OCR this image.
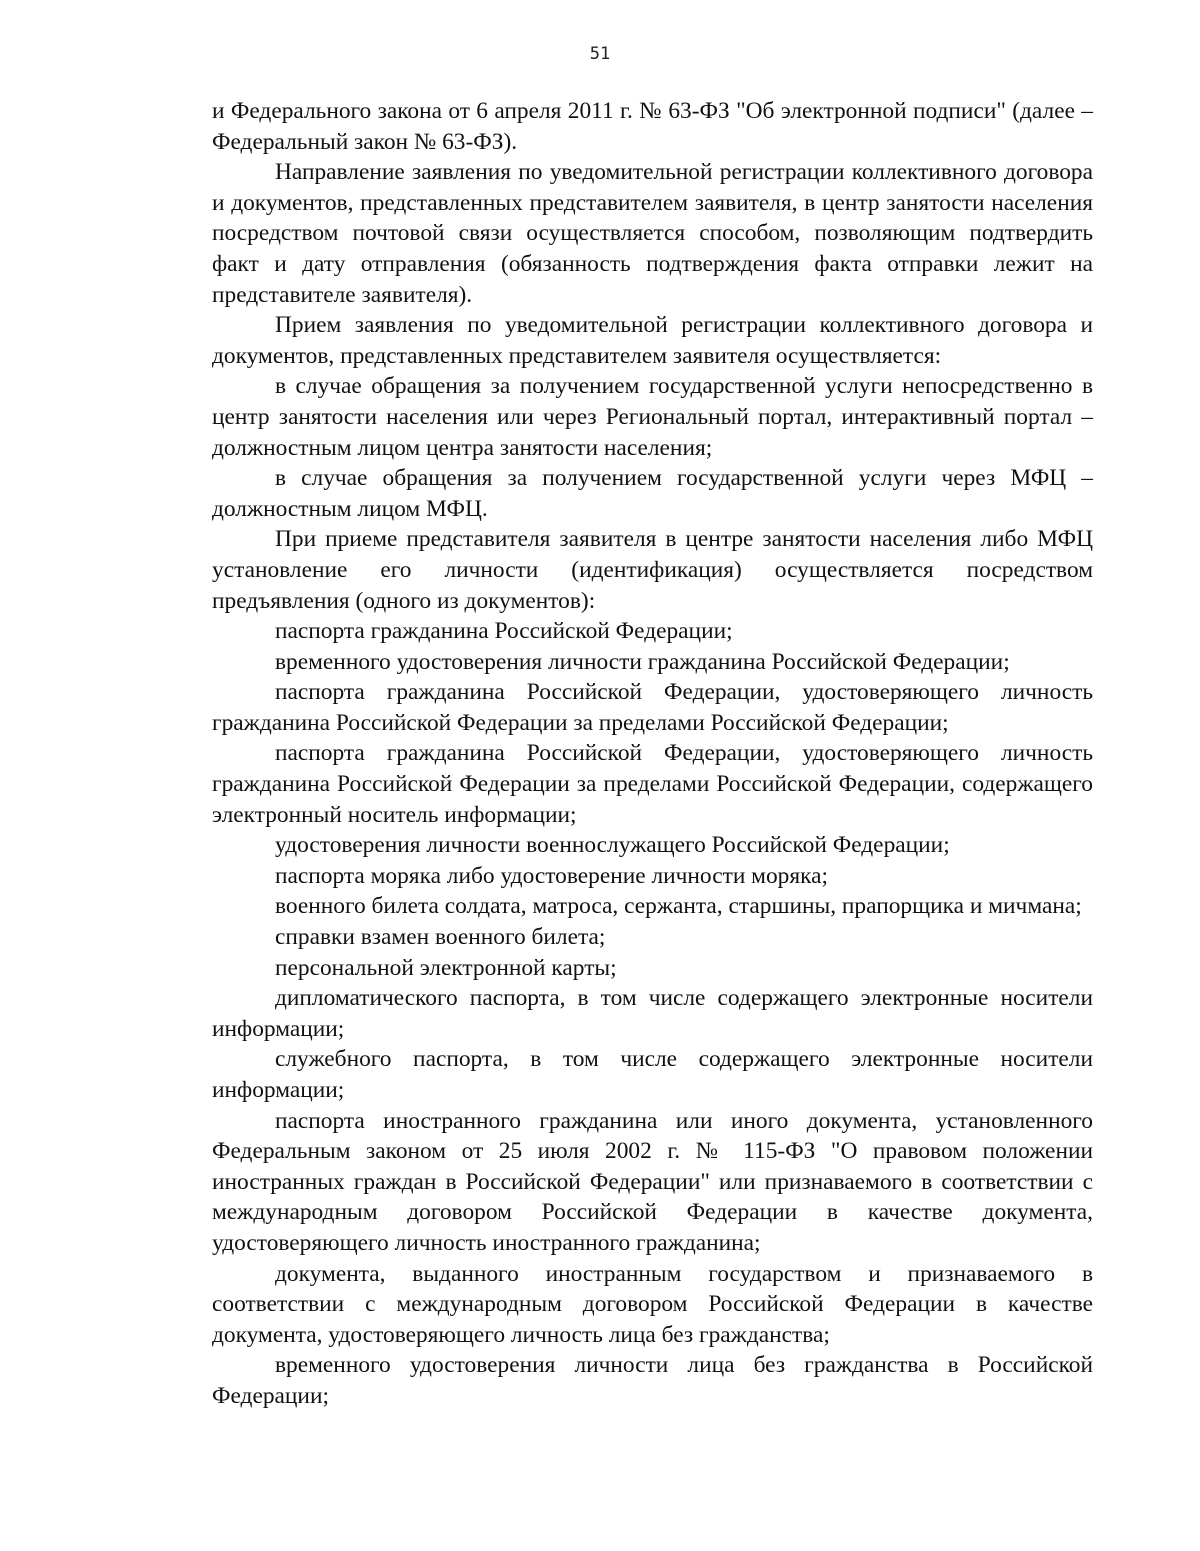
51

и Федерального закона от 6 апреля 2011 г. № 63-ФЗ "Об электронной подписи" (далее – Федеральный закон № 63-ФЗ).

Направление заявления по уведомительной регистрации коллективного договора и документов, представленных представителем заявителя, в центр занятости населения посредством почтовой связи осуществляется способом, позволяющим подтвердить факт и дату отправления (обязанность подтверждения факта отправки лежит на представителе заявителя).

Прием заявления по уведомительной регистрации коллективного договора и документов, представленных представителем заявителя осуществляется:

в случае обращения за получением государственной услуги непосредственно в центр занятости населения или через Региональный портал, интерактивный портал – должностным лицом центра занятости населения;

в случае обращения за получением государственной услуги через МФЦ – должностным лицом МФЦ.

При приеме представителя заявителя в центре занятости населения либо МФЦ установление его личности (идентификация) осуществляется посредством предъявления (одного из документов):

паспорта гражданина Российской Федерации;

временного удостоверения личности гражданина Российской Федерации;

паспорта гражданина Российской Федерации, удостоверяющего личность гражданина Российской Федерации за пределами Российской Федерации;

паспорта гражданина Российской Федерации, удостоверяющего личность гражданина Российской Федерации за пределами Российской Федерации, содержащего электронный носитель информации;

удостоверения личности военнослужащего Российской Федерации;

паспорта моряка либо удостоверение личности моряка;

военного билета солдата, матроса, сержанта, старшины, прапорщика и мичмана;

справки взамен военного билета;

персональной электронной карты;

дипломатического паспорта, в том числе содержащего электронные носители информации;

служебного паспорта, в том числе содержащего электронные носители информации;

паспорта иностранного гражданина или иного документа, установленного Федеральным законом от 25 июля 2002 г. № 115-ФЗ "О правовом положении иностранных граждан в Российской Федерации" или признаваемого в соответствии с международным договором Российской Федерации в качестве документа, удостоверяющего личность иностранного гражданина;

документа, выданного иностранным государством и признаваемого в соответствии с международным договором Российской Федерации в качестве документа, удостоверяющего личность лица без гражданства;

временного удостоверения личности лица без гражданства в Российской Федерации;
